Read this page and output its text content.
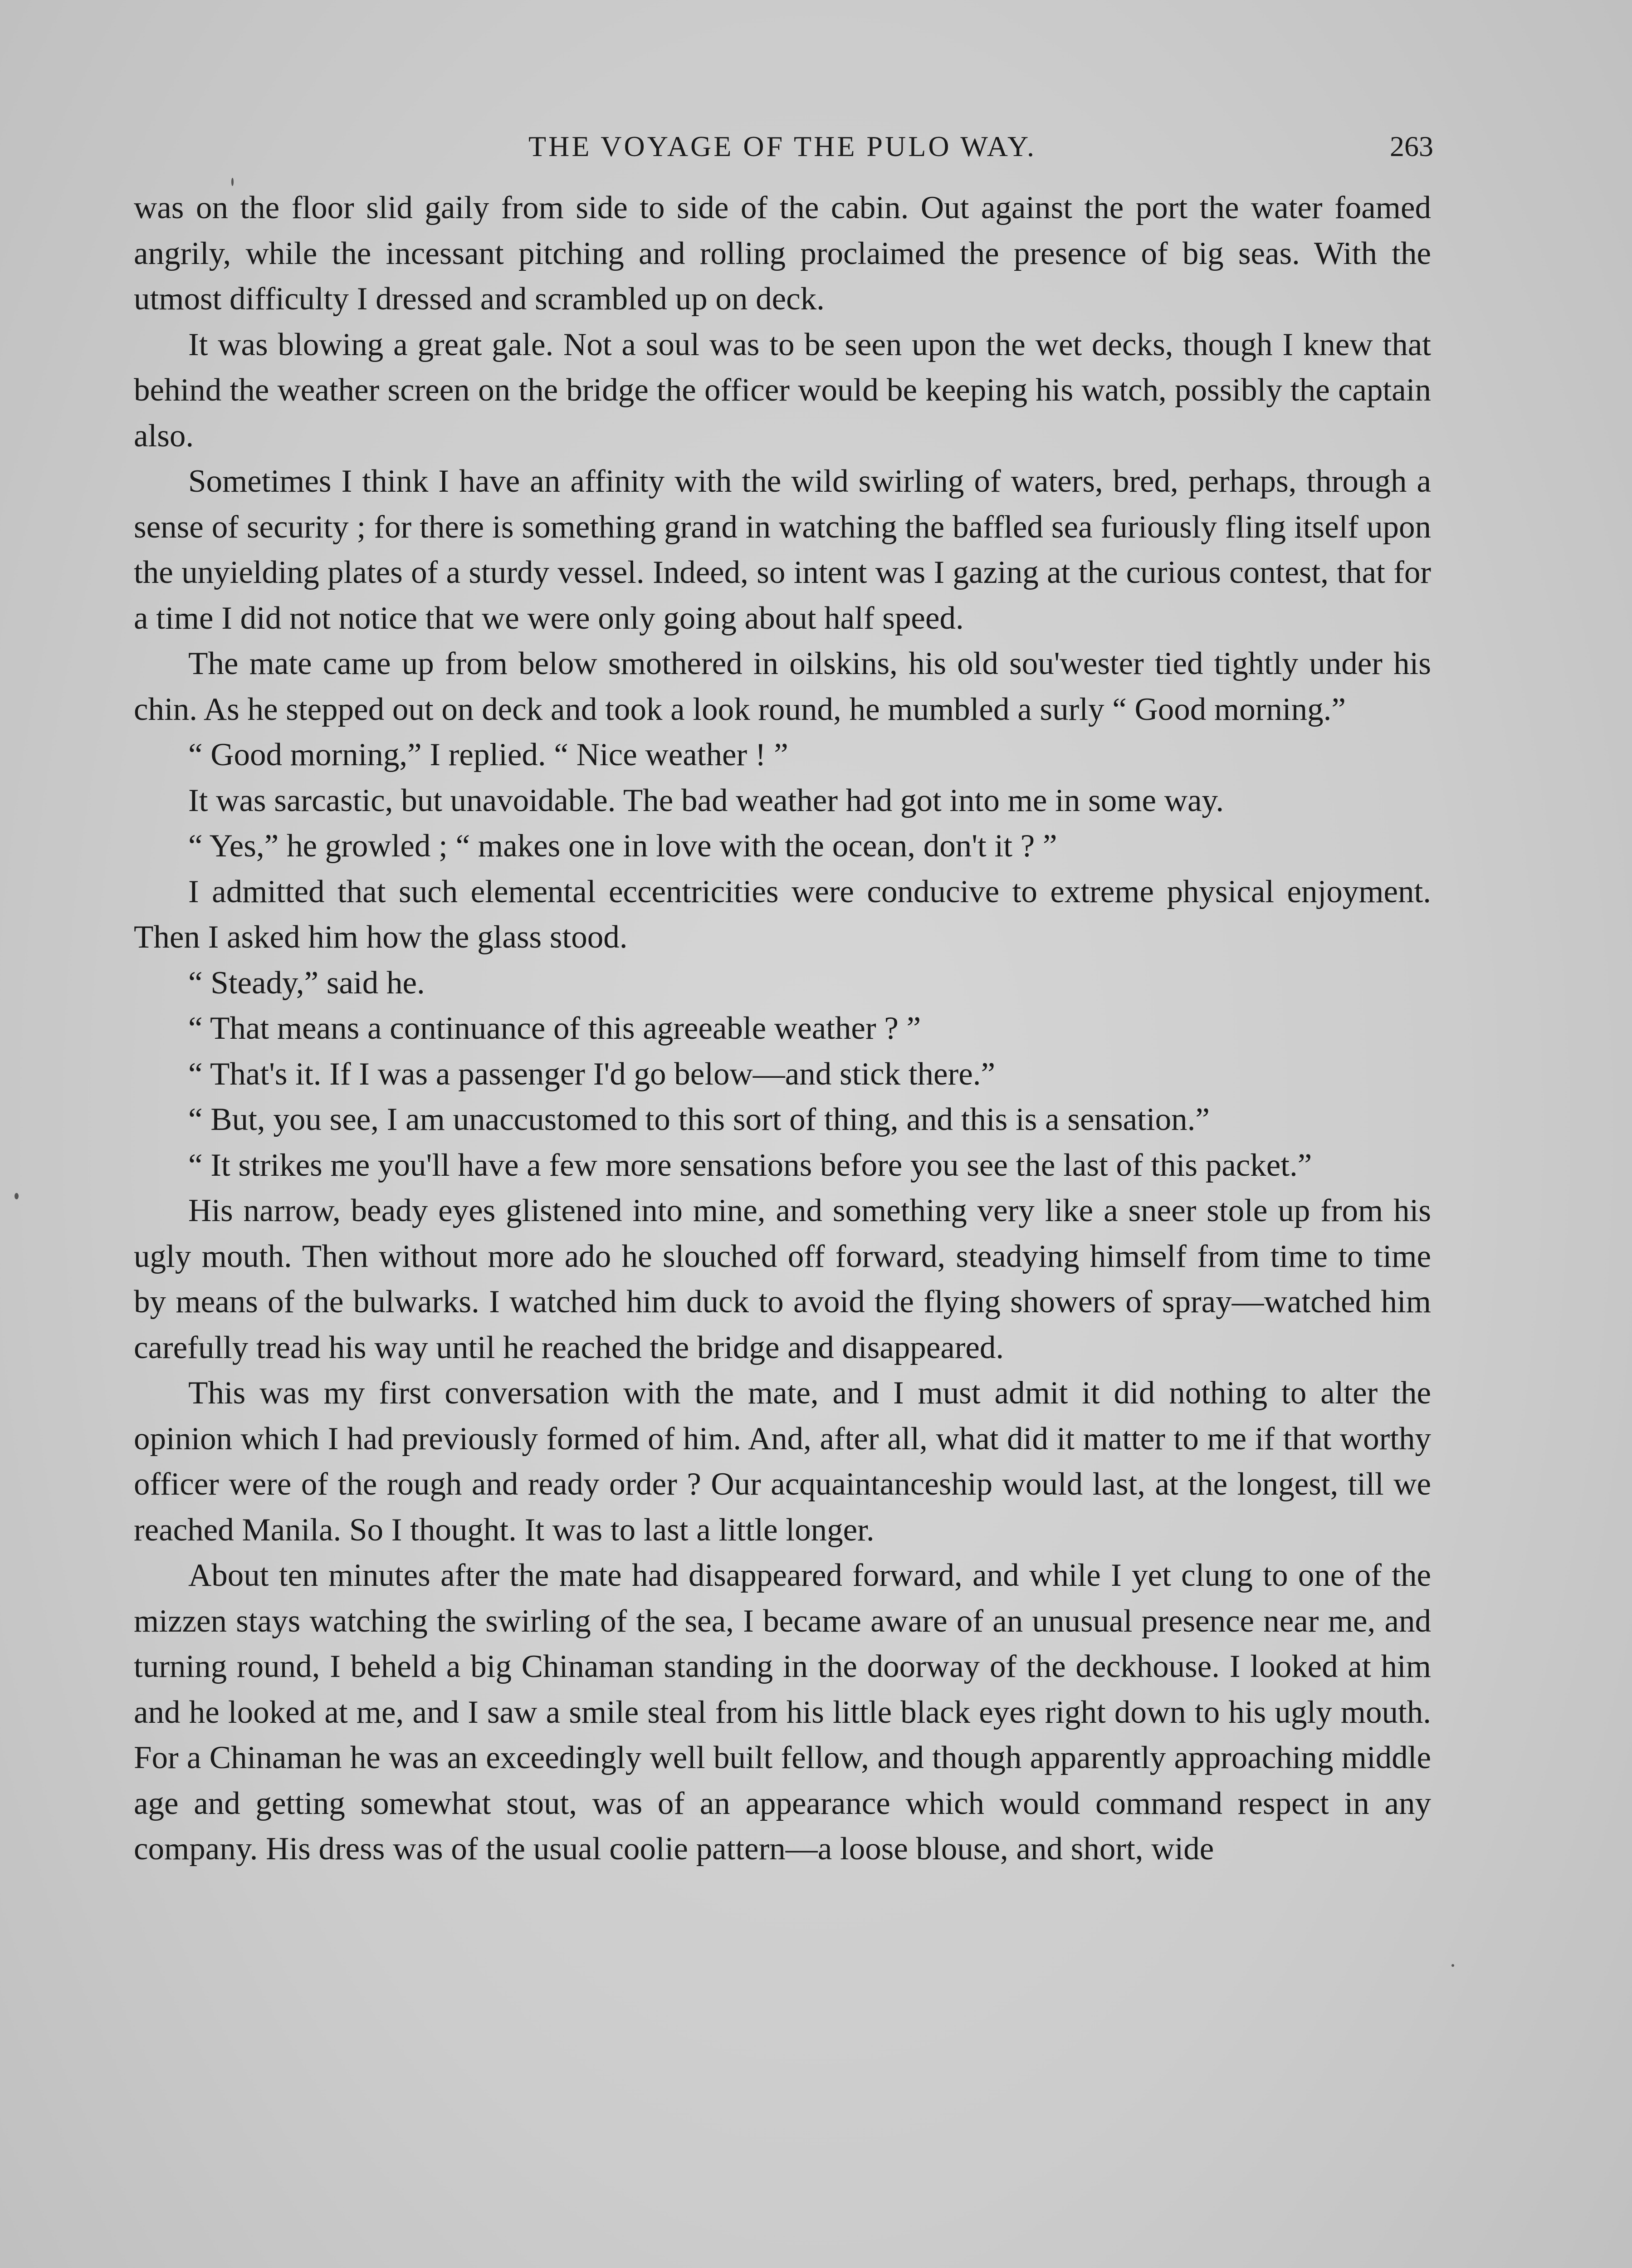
THE VOYAGE OF THE PULO WAY.	263

was on the floor slid gaily from side to side of the cabin. Out against the port the water foamed angrily, while the incessant pitching and rolling proclaimed the presence of big seas. With the utmost difficulty I dressed and scrambled up on deck.

It was blowing a great gale. Not a soul was to be seen upon the wet decks, though I knew that behind the weather screen on the bridge the officer would be keeping his watch, possibly the captain also.

Sometimes I think I have an affinity with the wild swirling of waters, bred, perhaps, through a sense of security ; for there is something grand in watching the baffled sea furiously fling itself upon the unyielding plates of a sturdy vessel. Indeed, so intent was I gazing at the curious contest, that for a time I did not notice that we were only going about half speed.

The mate came up from below smothered in oilskins, his old sou'wester tied tightly under his chin. As he stepped out on deck and took a look round, he mumbled a surly “ Good morning.”

“ Good morning,” I replied. “ Nice weather ! ”

It was sarcastic, but unavoidable. The bad weather had got into me in some way.

“ Yes,” he growled ; “ makes one in love with the ocean, don't it ? ”

I admitted that such elemental eccentricities were conducive to extreme physical enjoyment. Then I asked him how the glass stood.

“ Steady,” said he.

“ That means a continuance of this agreeable weather ? ”

“ That's it. If I was a passenger I'd go below—and stick there.”

“ But, you see, I am unaccustomed to this sort of thing, and this is a sensation.”

“ It strikes me you'll have a few more sensations before you see the last of this packet.”

His narrow, beady eyes glistened into mine, and something very like a sneer stole up from his ugly mouth. Then without more ado he slouched off forward, steadying himself from time to time by means of the bulwarks. I watched him duck to avoid the flying showers of spray—watched him carefully tread his way until he reached the bridge and disappeared.

This was my first conversation with the mate, and I must admit it did nothing to alter the opinion which I had previously formed of him. And, after all, what did it matter to me if that worthy officer were of the rough and ready order ? Our acquaintanceship would last, at the longest, till we reached Manila. So I thought. It was to last a little longer.

About ten minutes after the mate had disappeared forward, and while I yet clung to one of the mizzen stays watching the swirling of the sea, I became aware of an unusual presence near me, and turning round, I beheld a big Chinaman standing in the doorway of the deckhouse. I looked at him and he looked at me, and I saw a smile steal from his little black eyes right down to his ugly mouth. For a Chinaman he was an exceedingly well built fellow, and though apparently approaching middle age and getting somewhat stout, was of an appearance which would command respect in any company. His dress was of the usual coolie pattern—a loose blouse, and short, wide
